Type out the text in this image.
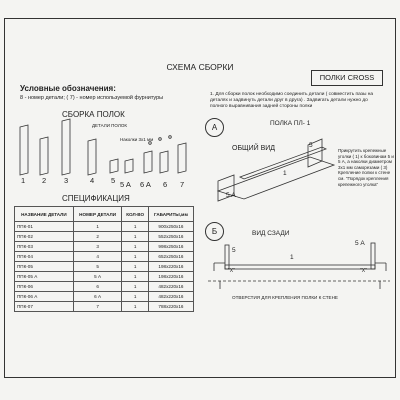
СХЕМА СБОРКИ
ПОЛКИ CROSS
Условные обозначения:
8 - номер детали; ( 7) - номер используемой фурнитуры
СБОРКА ПОЛОК
ДЕТАЛИ ПОЛОК
Наколки 3х1 мм
1 2 3	4 5 5 A 6 A 6 7
СПЕЦИФИКАЦИЯ
НАЗВАНИЕ ДЕТАЛИ	НОМЕР ДЕТАЛИ	КОЛ-ВО	ГАБАРИТЫ,мм
ППК-01	1	1	900х250х16
ППК-02	2	1	552х250х16
ППК-03	3	1	998х250х16
ППК-04	4	1	652х250х16
ППК-05	5	1	198х220х16
ППК-05 А	5 А	1	198х220х16
ППК-06	6	1	482х220х16
ППК-06 А	6 А	1	482х220х16
ППК-07	7	1	788х220х16
1. Для сборки полок необходимо соединить детали ( совместить пазы на деталях и задвинуть детали друг в друга) . Задвигать детали нужно до полного выравнивания задней стороны полки
А	ПОЛКА ПЛ- 1
ОБЩИЙ ВИД
1
5
5 А
Прикрутить крепежные уголки ( 1) к боковинам 5 и 5 А, а наколки диаметром 3х1 мм саморезами ( 3) Крепление полки к стене см. "Порядок крепления крепежного уголка"
Б	ВИД СЗАДИ
5
5 А
1
"Х"	"Х"
ОТВЕРСТИЯ ДЛЯ КРЕПЛЕНИЯ ПОЛКИ К СТЕНЕ
